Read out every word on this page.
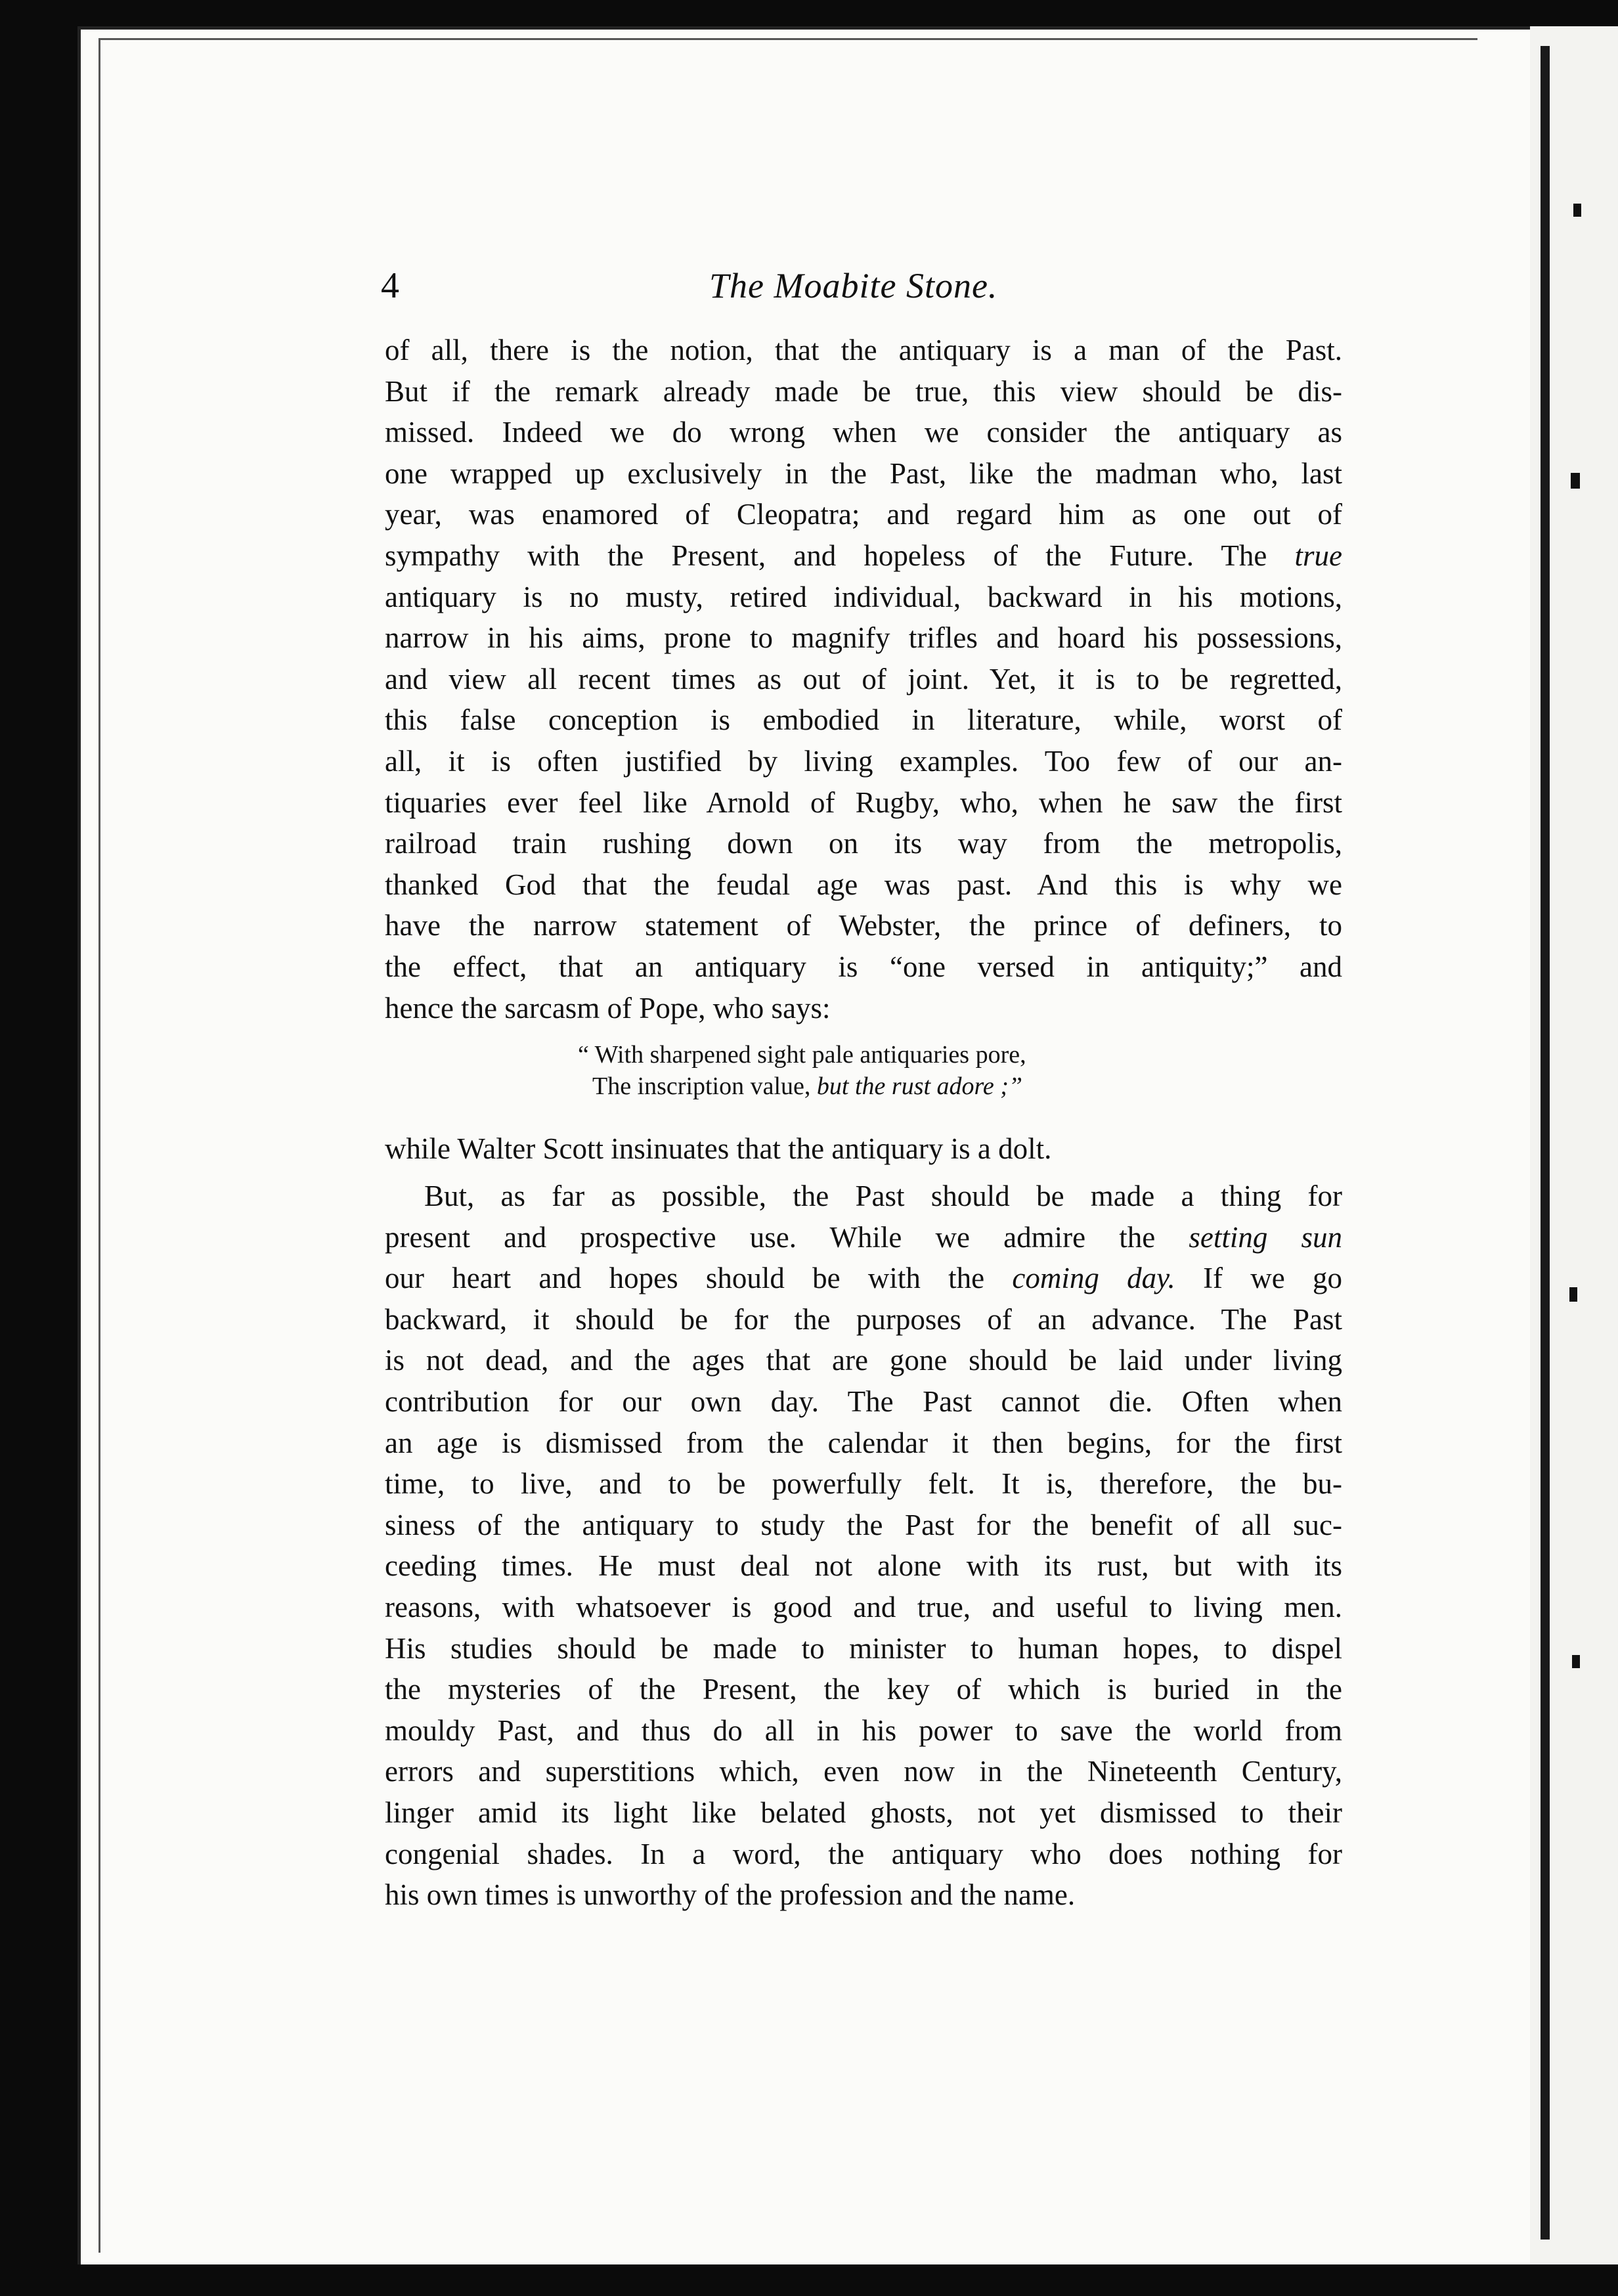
4	The Moabite Stone.
of all, there is the notion, that the antiquary is a man of the Past.
But if the remark already made be true, this view should be dis-
missed. Indeed we do wrong when we consider the antiquary as
one wrapped up exclusively in the Past, like the madman who, last
year, was enamored of Cleopatra; and regard him as one out of
sympathy with the Present, and hopeless of the Future. The true
antiquary is no musty, retired individual, backward in his motions,
narrow in his aims, prone to magnify trifles and hoard his possessions,
and view all recent times as out of joint. Yet, it is to be regretted,
this false conception is embodied in literature, while, worst of
all, it is often justified by living examples. Too few of our an-
tiquaries ever feel like Arnold of Rugby, who, when he saw the first
railroad train rushing down on its way from the metropolis,
thanked God that the feudal age was past. And this is why we
have the narrow statement of Webster, the prince of definers, to
the effect, that an antiquary is “one versed in antiquity;” and
hence the sarcasm of Pope, who says:
“ With sharpened sight pale antiquaries pore,
The inscription value, but the rust adore ;”
while Walter Scott insinuates that the antiquary is a dolt.
But, as far as possible, the Past should be made a thing for
present and prospective use. While we admire the setting sun
our heart and hopes should be with the coming day. If we go
backward, it should be for the purposes of an advance. The Past
is not dead, and the ages that are gone should be laid under living
contribution for our own day. The Past cannot die. Often when
an age is dismissed from the calendar it then begins, for the first
time, to live, and to be powerfully felt. It is, therefore, the bu-
siness of the antiquary to study the Past for the benefit of all suc-
ceeding times. He must deal not alone with its rust, but with its
reasons, with whatsoever is good and true, and useful to living men.
His studies should be made to minister to human hopes, to dispel
the mysteries of the Present, the key of which is buried in the
mouldy Past, and thus do all in his power to save the world from
errors and superstitions which, even now in the Nineteenth Century,
linger amid its light like belated ghosts, not yet dismissed to their
congenial shades. In a word, the antiquary who does nothing for
his own times is unworthy of the profession and the name.
